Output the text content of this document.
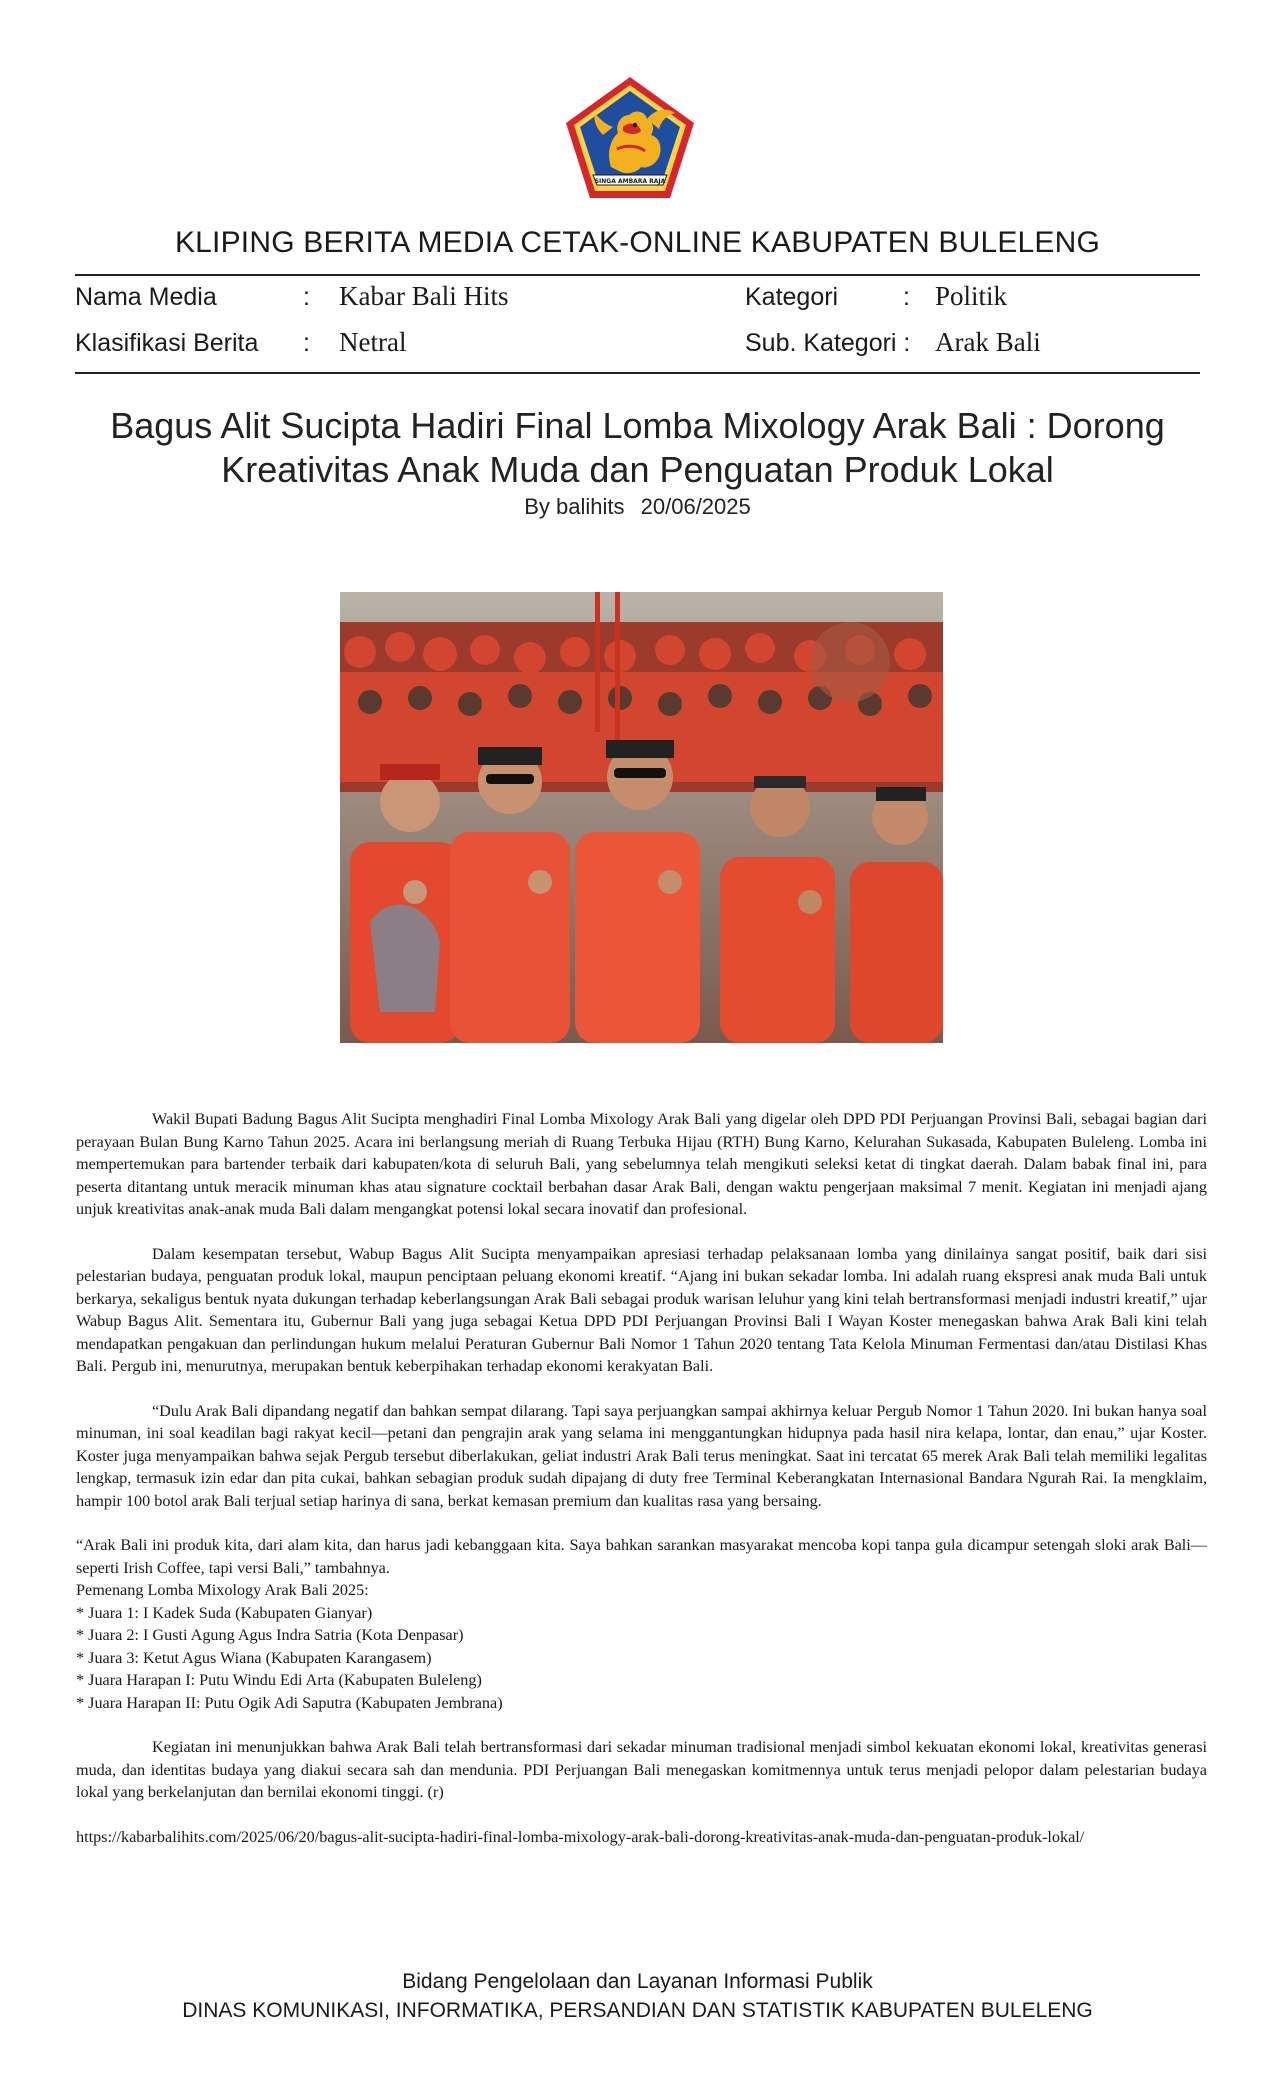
SINGA AMBARA RAJA
KLIPING BERITA MEDIA CETAK-ONLINE KABUPATEN BULELENG
Nama Media	: Kabar Bali Hits	Kategori	: Politik
Klasifikasi Berita : Netral	Sub. Kategori : Arak Bali
Bagus Alit Sucipta Hadiri Final Lomba Mixology Arak Bali : Dorong Kreativitas Anak Muda dan Penguatan Produk Lokal
By balihits 20/06/2025

Wakil Bupati Badung Bagus Alit Sucipta menghadiri Final Lomba Mixology Arak Bali yang digelar oleh DPD PDI Perjuangan Provinsi Bali, sebagai bagian dari perayaan Bulan Bung Karno Tahun 2025. Acara ini berlangsung meriah di Ruang Terbuka Hijau (RTH) Bung Karno, Kelurahan Sukasada, Kabupaten Buleleng. Lomba ini mempertemukan para bartender terbaik dari kabupaten/kota di seluruh Bali, yang sebelumnya telah mengikuti seleksi ketat di tingkat daerah. Dalam babak final ini, para peserta ditantang untuk meracik minuman khas atau signature cocktail berbahan dasar Arak Bali, dengan waktu pengerjaan maksimal 7 menit. Kegiatan ini menjadi ajang unjuk kreativitas anak-anak muda Bali dalam mengangkat potensi lokal secara inovatif dan profesional.

Dalam kesempatan tersebut, Wabup Bagus Alit Sucipta menyampaikan apresiasi terhadap pelaksanaan lomba yang dinilainya sangat positif, baik dari sisi pelestarian budaya, penguatan produk lokal, maupun penciptaan peluang ekonomi kreatif. “Ajang ini bukan sekadar lomba. Ini adalah ruang ekspresi anak muda Bali untuk berkarya, sekaligus bentuk nyata dukungan terhadap keberlangsungan Arak Bali sebagai produk warisan leluhur yang kini telah bertransformasi menjadi industri kreatif,” ujar Wabup Bagus Alit. Sementara itu, Gubernur Bali yang juga sebagai Ketua DPD PDI Perjuangan Provinsi Bali I Wayan Koster menegaskan bahwa Arak Bali kini telah mendapatkan pengakuan dan perlindungan hukum melalui Peraturan Gubernur Bali Nomor 1 Tahun 2020 tentang Tata Kelola Minuman Fermentasi dan/atau Distilasi Khas Bali. Pergub ini, menurutnya, merupakan bentuk keberpihakan terhadap ekonomi kerakyatan Bali.

“Dulu Arak Bali dipandang negatif dan bahkan sempat dilarang. Tapi saya perjuangkan sampai akhirnya keluar Pergub Nomor 1 Tahun 2020. Ini bukan hanya soal minuman, ini soal keadilan bagi rakyat kecil—petani dan pengrajin arak yang selama ini menggantungkan hidupnya pada hasil nira kelapa, lontar, dan enau,” ujar Koster. Koster juga menyampaikan bahwa sejak Pergub tersebut diberlakukan, geliat industri Arak Bali terus meningkat. Saat ini tercatat 65 merek Arak Bali telah memiliki legalitas lengkap, termasuk izin edar dan pita cukai, bahkan sebagian produk sudah dipajang di duty free Terminal Keberangkatan Internasional Bandara Ngurah Rai. Ia mengklaim, hampir 100 botol arak Bali terjual setiap harinya di sana, berkat kemasan premium dan kualitas rasa yang bersaing.

“Arak Bali ini produk kita, dari alam kita, dan harus jadi kebanggaan kita. Saya bahkan sarankan masyarakat mencoba kopi tanpa gula dicampur setengah sloki arak Bali—seperti Irish Coffee, tapi versi Bali,” tambahnya.

Pemenang Lomba Mixology Arak Bali 2025:
* Juara 1: I Kadek Suda (Kabupaten Gianyar)
* Juara 2: I Gusti Agung Agus Indra Satria (Kota Denpasar)
* Juara 3: Ketut Agus Wiana (Kabupaten Karangasem)
* Juara Harapan I: Putu Windu Edi Arta (Kabupaten Buleleng)
* Juara Harapan II: Putu Ogik Adi Saputra (Kabupaten Jembrana)

Kegiatan ini menunjukkan bahwa Arak Bali telah bertransformasi dari sekadar minuman tradisional menjadi simbol kekuatan ekonomi lokal, kreativitas generasi muda, dan identitas budaya yang diakui secara sah dan mendunia. PDI Perjuangan Bali menegaskan komitmennya untuk terus menjadi pelopor dalam pelestarian budaya lokal yang berkelanjutan dan bernilai ekonomi tinggi. (r)

https://kabarbalihits.com/2025/06/20/bagus-alit-sucipta-hadiri-final-lomba-mixology-arak-bali-dorong-kreativitas-anak-muda-dan-penguatan-produk-lokal/

Bidang Pengelolaan dan Layanan Informasi Publik
DINAS KOMUNIKASI, INFORMATIKA, PERSANDIAN DAN STATISTIK KABUPATEN BULELENG
